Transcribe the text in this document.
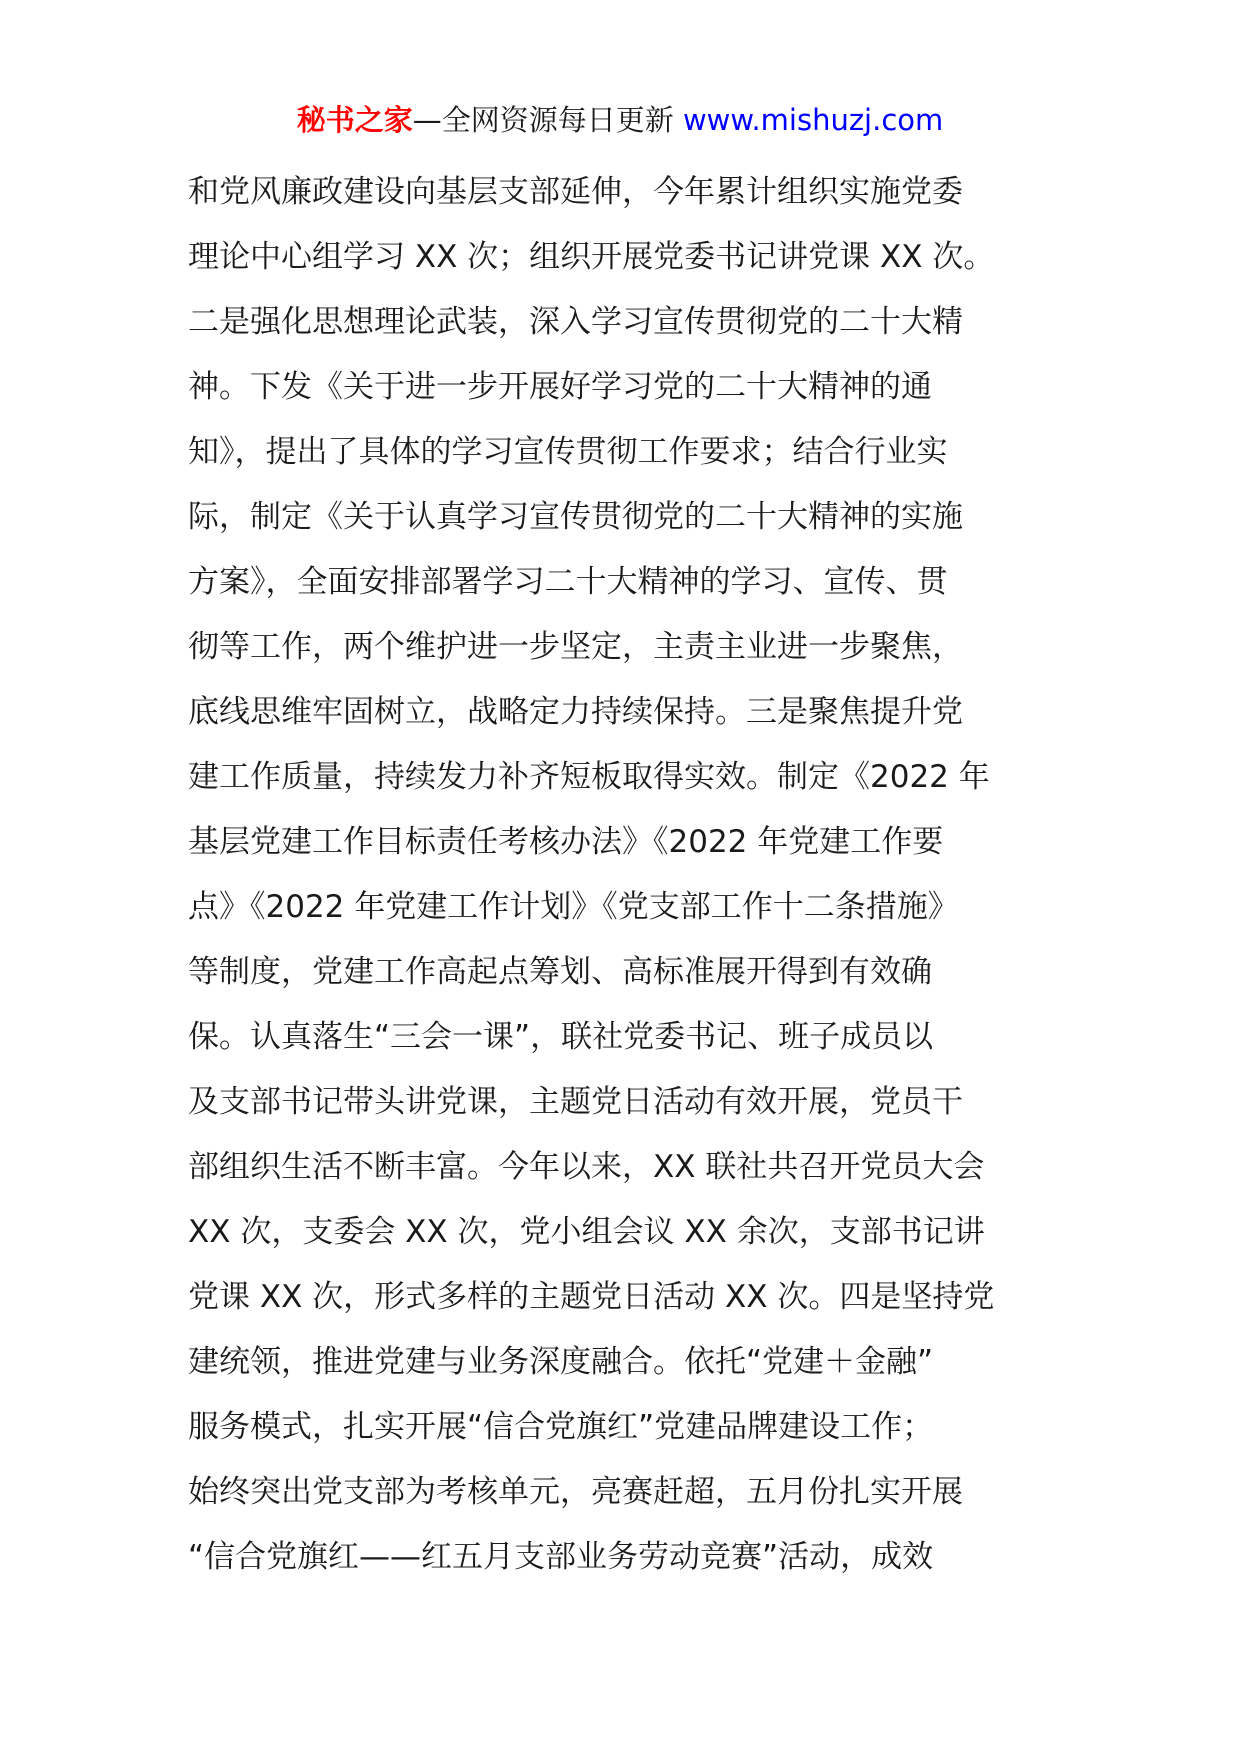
秘书之家—全网资源每日更新 www.mishuzj.com
和党风廉政建设向基层支部延伸，今年累计组织实施党委
理论中心组学习 XX 次；组织开展党委书记讲党课 XX 次。
二是强化思想理论武装，深入学习宣传贯彻党的二十大精
神。下发《关于进一步开展好学习党的二十大精神的通
知》，提出了具体的学习宣传贯彻工作要求；结合行业实
际，制定《关于认真学习宣传贯彻党的二十大精神的实施
方案》，全面安排部署学习二十大精神的学习、宣传、贯
彻等工作，两个维护进一步坚定，主责主业进一步聚焦，
底线思维牢固树立，战略定力持续保持。三是聚焦提升党
建工作质量，持续发力补齐短板取得实效。制定《2022 年
基层党建工作目标责任考核办法》《2022 年党建工作要
点》《2022 年党建工作计划》《党支部工作十二条措施》
等制度，党建工作高起点筹划、高标准展开得到有效确
保。认真落生“三会一课”，联社党委书记、班子成员以
及支部书记带头讲党课，主题党日活动有效开展，党员干
部组织生活不断丰富。今年以来，XX 联社共召开党员大会
XX 次，支委会 XX 次，党小组会议 XX 余次，支部书记讲
党课 XX 次，形式多样的主题党日活动 XX 次。四是坚持党
建统领，推进党建与业务深度融合。依托“党建＋金融”
服务模式，扎实开展“信合党旗红”党建品牌建设工作；
始终突出党支部为考核单元，亮赛赶超，五月份扎实开展
“信合党旗红——红五月支部业务劳动竞赛”活动，成效
